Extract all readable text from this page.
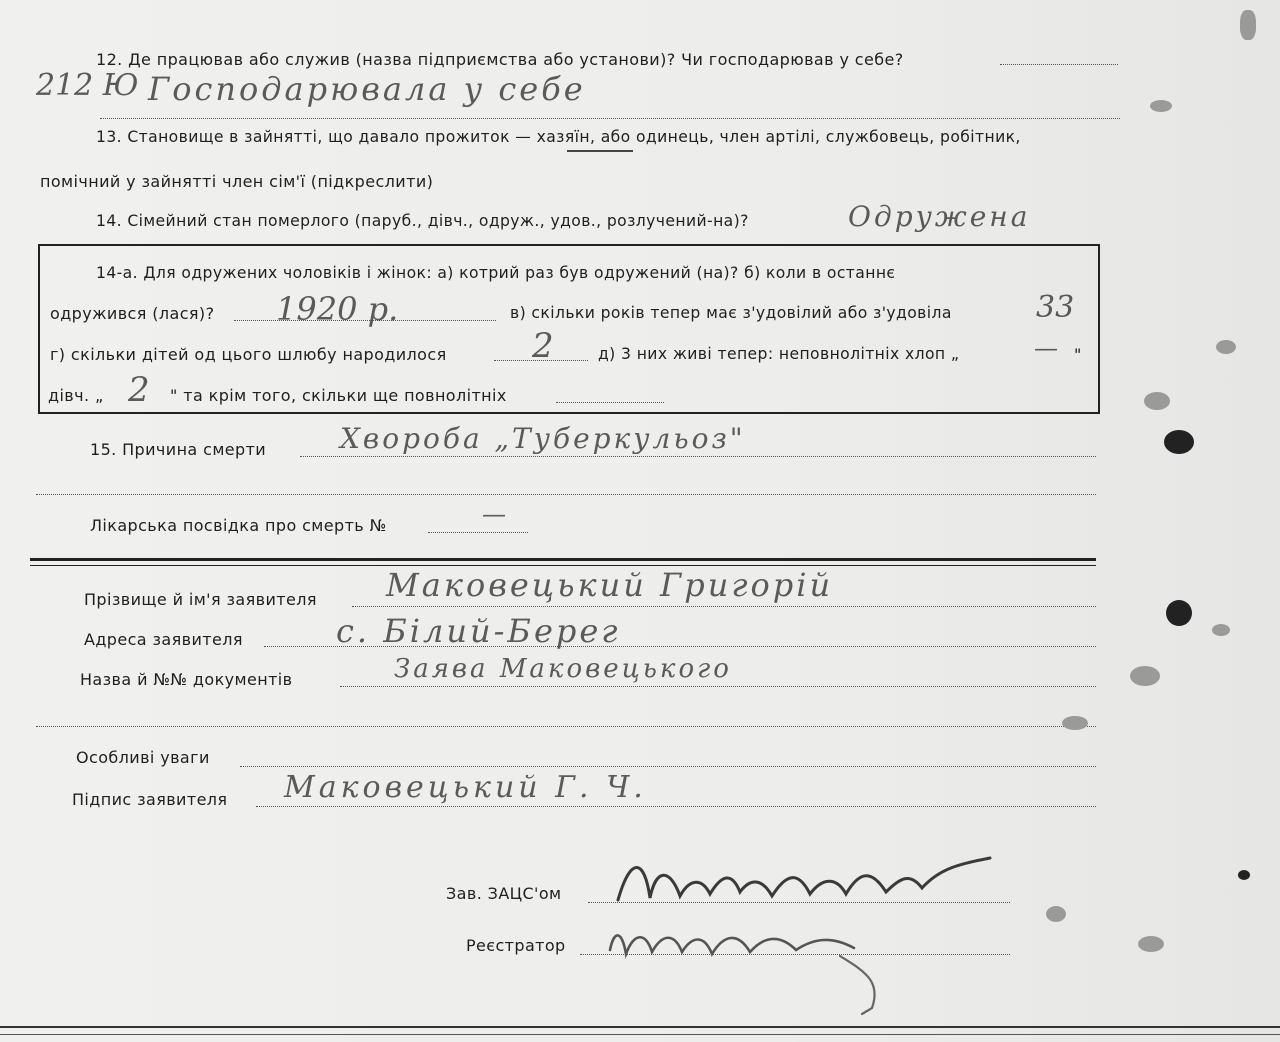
12. Де працював або служив (назва підприємства або установи)? Чи господарював у себе?
212 Ю Господарювала у себе
13. Становище в зайнятті, що давало прожиток — хазяїн, або одинець, член артілі, службовець, робітник,
помічний у зайнятті член сім'ї (підкреслити)
14. Сімейний стан померлого (паруб., дівч., одруж., удов., розлучений-на)?	Одружена
14-а. Для одружених чоловіків і жінок: а) котрий раз був одружений (на)? б) коли в останнє
одружився (лася)? 1920 р.	в) скільки років тепер має з'удовілий або з'удовіла	33
г) скільки дітей од цього шлюбу народилося	2	д) 3 них живі тепер: неповнолітніх хлоп „	— "
дівч. „ 2 " та крім того, скільки ще повнолітніх
15. Причина смерти	Хвороба „Туберкульоз"
Лікарська посвідка про смерть №	—
Прізвище й ім'я заявителя Маковецький Григорій
Адреса заявителя	с. Білий-Берег
Назва й №№ документів	Заява Маковецького
Особливі уваги
Підпис заявителя Маковецький Г. Ч.
Зав. ЗАЦС'ом
Реєстратор
